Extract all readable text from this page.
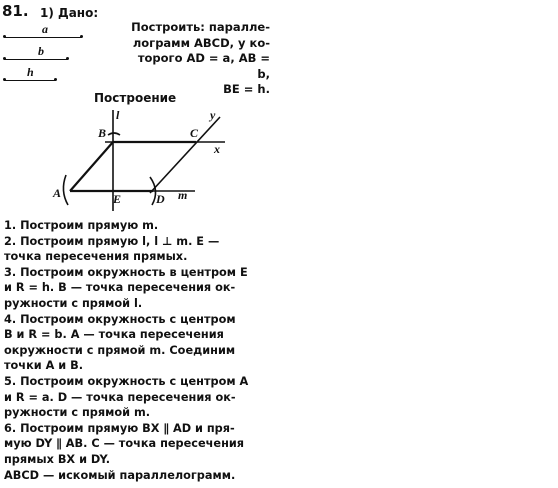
81. 1) Дано:
a
b
h
Построить: паралле-
лограмм ABCD, у ко-
торого AD = a, AB = b,
BE = h.
Построение
A
B	C
D
E
l
m
x
y

1. Построим прямую m.

2. Построим прямую l, l ⊥ m. E —

точка пересечения прямых.

3. Построим окружность в центром E

и R = h. B — точка пересечения ок-

ружности с прямой l.

4. Построим окружность с центром

B и R = b. A — точка пересечения

окружности с прямой m. Соединим

точки A и B.

5. Построим окружность с центром A

и R = a. D — точка пересечения ок-

ружности с прямой m.

6. Построим прямую BX ∥ AD и пря-

мую DY ∥ AB. C — точка пересечения

прямых BX и DY.

ABCD — искомый параллелограмм.
